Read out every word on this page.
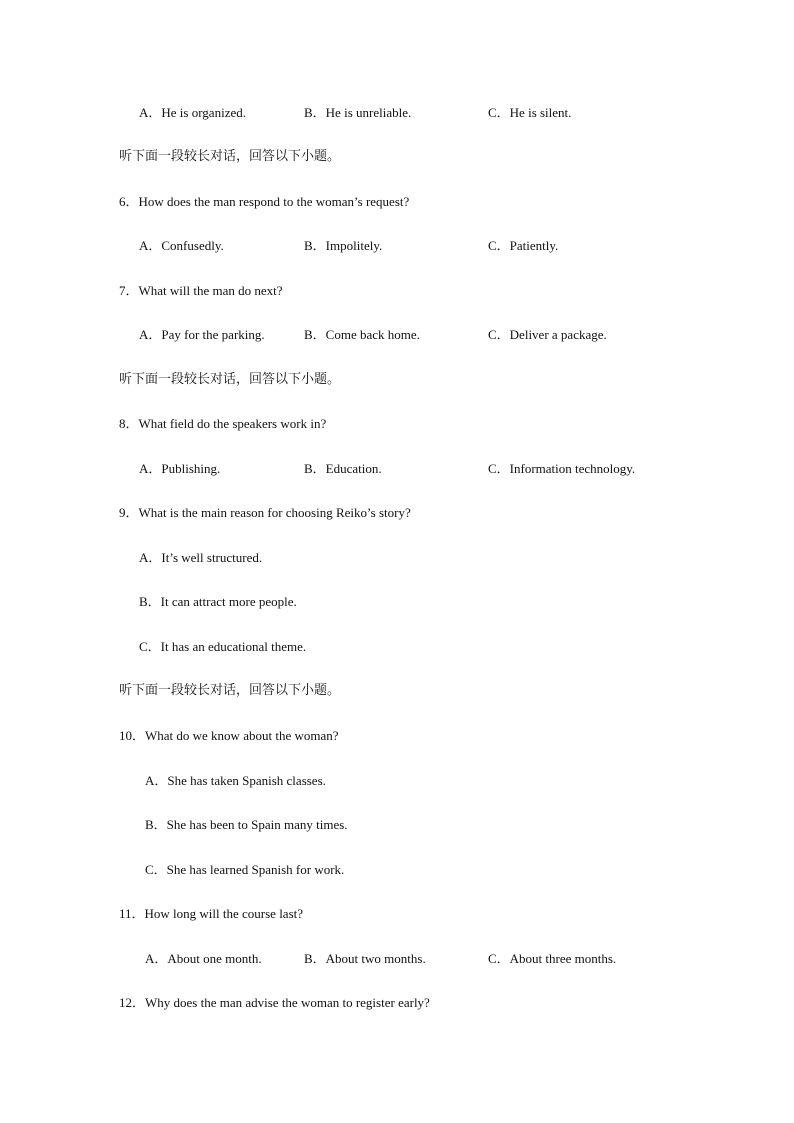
A．He is organized.	B．He is unreliable.	C．He is silent.
听下面一段较长对话，回答以下小题。
6．How does the man respond to the woman’s request?
A．Confusedly.	B．Impolitely.	C．Patiently.
7．What will the man do next?
A．Pay for the parking.	B．Come back home.	C．Deliver a package.
听下面一段较长对话，回答以下小题。
8．What field do the speakers work in?
A．Publishing.	B．Education.	C．Information technology.
9．What is the main reason for choosing Reiko’s story?
A．It’s well structured.
B．It can attract more people.
C．It has an educational theme.
听下面一段较长对话，回答以下小题。
10．What do we know about the woman?
A．She has taken Spanish classes.
B．She has been to Spain many times.
C．She has learned Spanish for work.
11．How long will the course last?
A．About one month.	B．About two months.	C．About three months.
12．Why does the man advise the woman to register early?
